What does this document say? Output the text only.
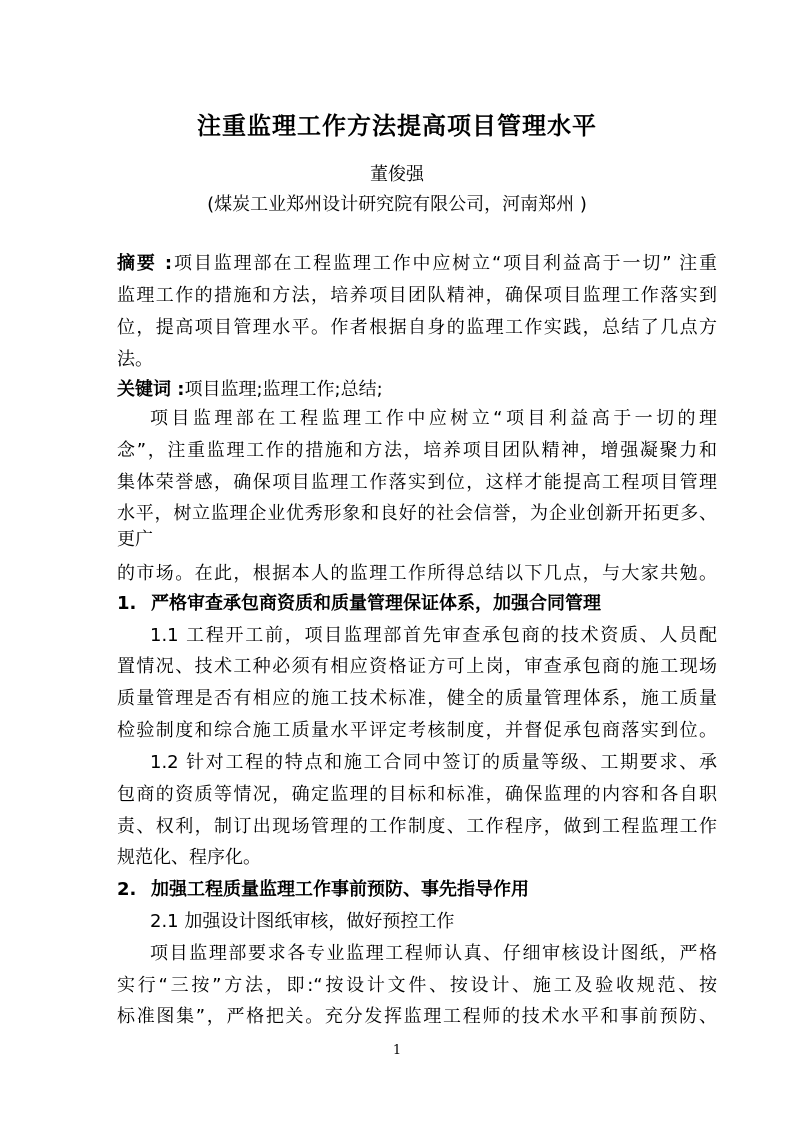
注重监理工作方法提高项目管理水平
董俊强
(煤炭工业郑州设计研究院有限公司，河南郑州 )
摘要 :项目监理部在工程监理工作中应树立“项目利益高于一切” 注重
监理工作的措施和方法，培养项目团队精神，确保项目监理工作落实到
位，提高项目管理水平。作者根据自身的监理工作实践，总结了几点方
法。
关键词 :项目监理;监理工作;总结;
项目监理部在工程监理工作中应树立“项目利益高于一切的理
念”，注重监理工作的措施和方法，培养项目团队精神，增强凝聚力和
集体荣誉感，确保项目监理工作落实到位，这样才能提高工程项目管理
水平，树立监理企业优秀形象和良好的社会信誉，为企业创新开拓更多、
更广
的市场。在此，根据本人的监理工作所得总结以下几点，与大家共勉。
1. 严格审查承包商资质和质量管理保证体系，加强合同管理
1.1 工程开工前，项目监理部首先审查承包商的技术资质、人员配
置情况、技术工种必须有相应资格证方可上岗，审查承包商的施工现场
质量管理是否有相应的施工技术标准，健全的质量管理体系，施工质量
检验制度和综合施工质量水平评定考核制度，并督促承包商落实到位。
1.2 针对工程的特点和施工合同中签订的质量等级、工期要求、承
包商的资质等情况，确定监理的目标和标准，确保监理的内容和各自职
责、权利，制订出现场管理的工作制度、工作程序，做到工程监理工作
规范化、程序化。
2. 加强工程质量监理工作事前预防、事先指导作用
2.1 加强设计图纸审核，做好预控工作
项目监理部要求各专业监理工程师认真、仔细审核设计图纸，严格
实行“三按”方法，即:“按设计文件、按设计、施工及验收规范、按
标准图集”，严格把关。充分发挥监理工程师的技术水平和事前预防、
1
